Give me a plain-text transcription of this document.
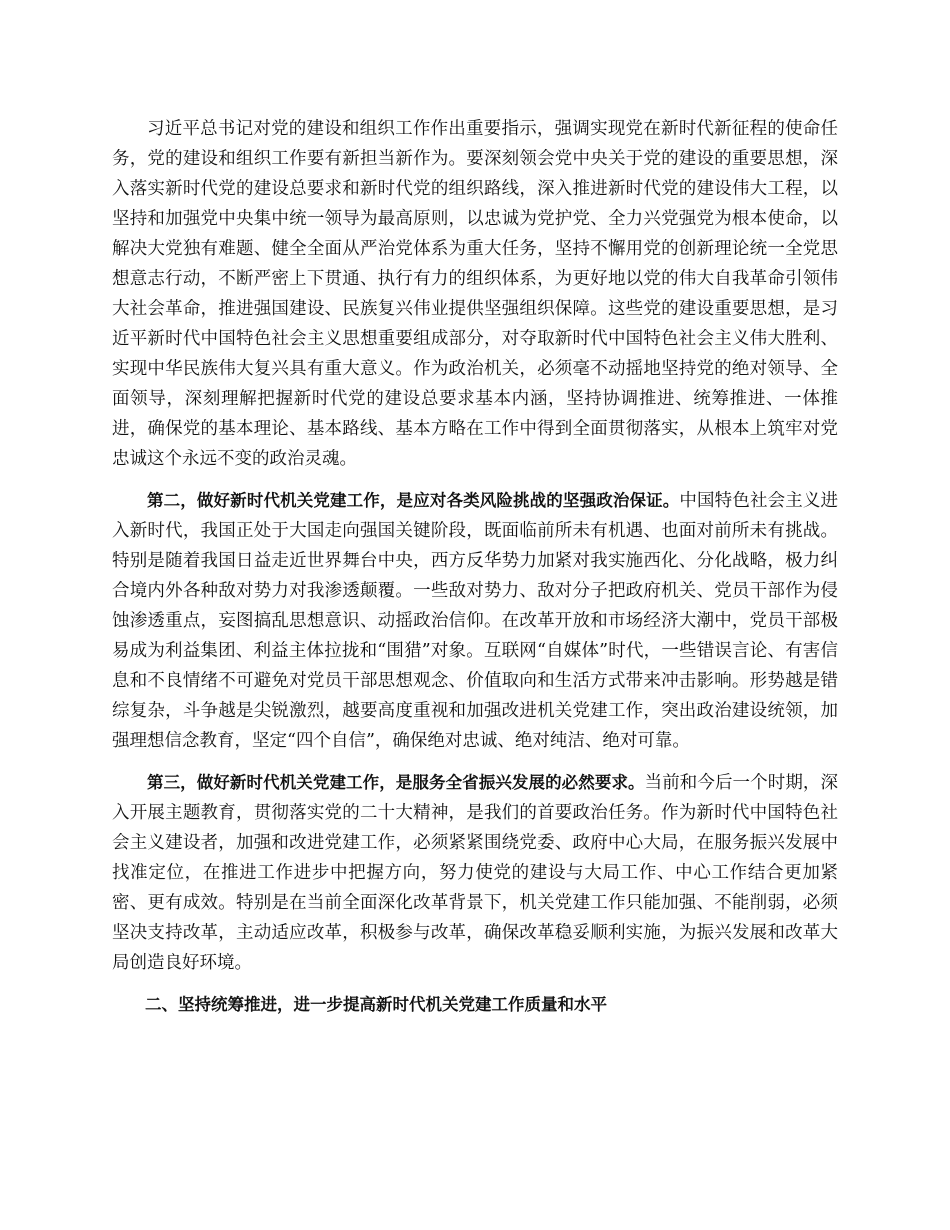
习近平总书记对党的建设和组织工作作出重要指示，强调实现党在新时代新征程的使命任务，党的建设和组织工作要有新担当新作为。要深刻领会党中央关于党的建设的重要思想，深入落实新时代党的建设总要求和新时代党的组织路线，深入推进新时代党的建设伟大工程，以坚持和加强党中央集中统一领导为最高原则，以忠诚为党护党、全力兴党强党为根本使命，以解决大党独有难题、健全全面从严治党体系为重大任务，坚持不懈用党的创新理论统一全党思想意志行动，不断严密上下贯通、执行有力的组织体系，为更好地以党的伟大自我革命引领伟大社会革命，推进强国建设、民族复兴伟业提供坚强组织保障。这些党的建设重要思想，是习近平新时代中国特色社会主义思想重要组成部分，对夺取新时代中国特色社会主义伟大胜利、实现中华民族伟大复兴具有重大意义。作为政治机关，必须毫不动摇地坚持党的绝对领导、全面领导，深刻理解把握新时代党的建设总要求基本内涵，坚持协调推进、统筹推进、一体推进，确保党的基本理论、基本路线、基本方略在工作中得到全面贯彻落实，从根本上筑牢对党忠诚这个永远不变的政治灵魂。

第二，做好新时代机关党建工作，是应对各类风险挑战的坚强政治保证。中国特色社会主义进入新时代，我国正处于大国走向强国关键阶段，既面临前所未有机遇、也面对前所未有挑战。特别是随着我国日益走近世界舞台中央，西方反华势力加紧对我实施西化、分化战略，极力纠合境内外各种敌对势力对我渗透颠覆。一些敌对势力、敌对分子把政府机关、党员干部作为侵蚀渗透重点，妄图搞乱思想意识、动摇政治信仰。在改革开放和市场经济大潮中，党员干部极易成为利益集团、利益主体拉拢和“围猎”对象。互联网“自媒体”时代，一些错误言论、有害信息和不良情绪不可避免对党员干部思想观念、价值取向和生活方式带来冲击影响。形势越是错综复杂，斗争越是尖锐激烈，越要高度重视和加强改进机关党建工作，突出政治建设统领，加强理想信念教育，坚定“四个自信”，确保绝对忠诚、绝对纯洁、绝对可靠。

第三，做好新时代机关党建工作，是服务全省振兴发展的必然要求。当前和今后一个时期，深入开展主题教育，贯彻落实党的二十大精神，是我们的首要政治任务。作为新时代中国特色社会主义建设者，加强和改进党建工作，必须紧紧围绕党委、政府中心大局，在服务振兴发展中找准定位，在推进工作进步中把握方向，努力使党的建设与大局工作、中心工作结合更加紧密、更有成效。特别是在当前全面深化改革背景下，机关党建工作只能加强、不能削弱，必须坚决支持改革，主动适应改革，积极参与改革，确保改革稳妥顺利实施，为振兴发展和改革大局创造良好环境。

二、坚持统筹推进，进一步提高新时代机关党建工作质量和水平
